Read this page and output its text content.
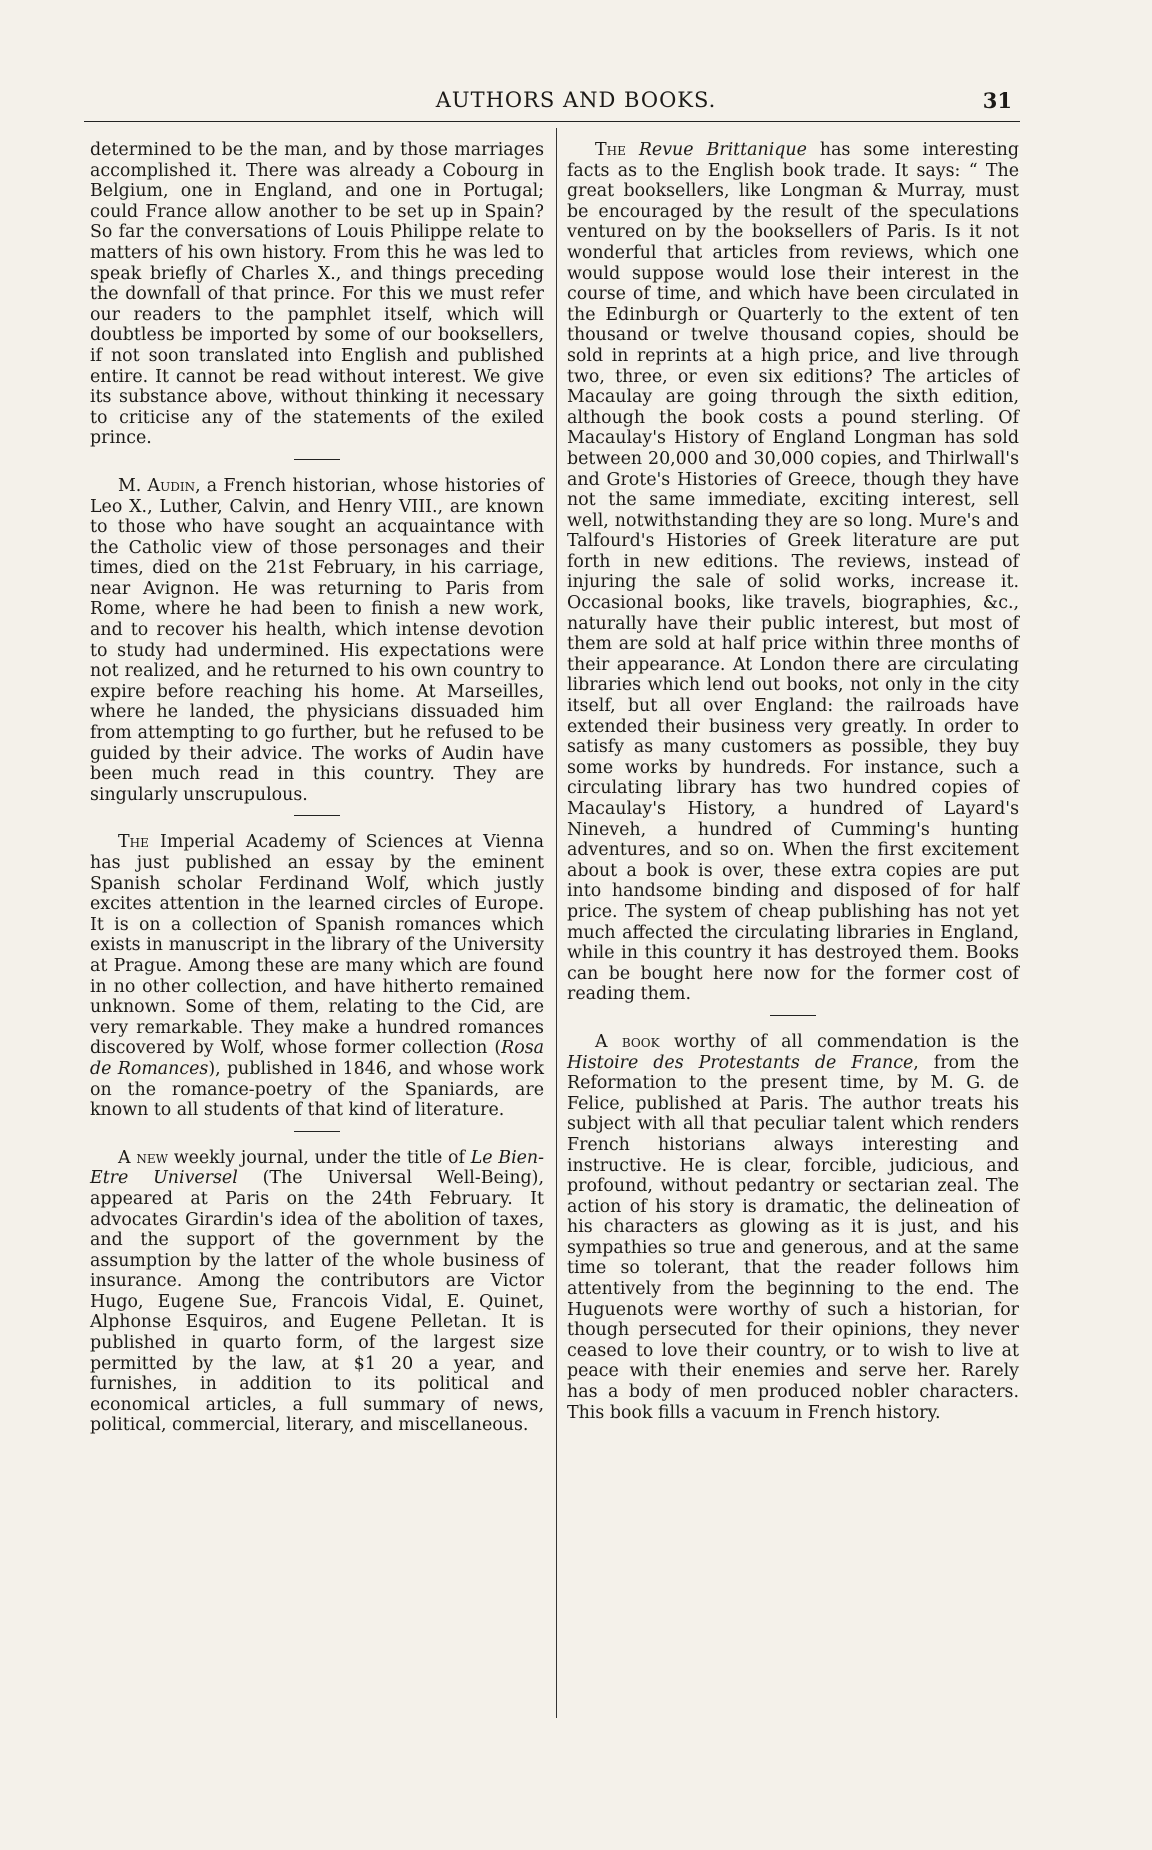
AUTHORS AND BOOKS.	31

determined to be the man, and by those marriages accomplished it. There was already a Cobourg in Belgium, one in England, and one in Portugal; could France allow another to be set up in Spain? So far the conversations of Louis Philippe relate to matters of his own history. From this he was led to speak briefly of Charles X., and things preceding the downfall of that prince. For this we must refer our readers to the pamphlet itself, which will doubtless be imported by some of our booksellers, if not soon translated into English and published entire. It cannot be read without interest. We give its substance above, without thinking it necessary to criticise any of the statements of the exiled prince.

M. Audin, a French historian, whose histories of Leo X., Luther, Calvin, and Henry VIII., are known to those who have sought an acquaintance with the Catholic view of those personages and their times, died on the 21st February, in his carriage, near Avignon. He was returning to Paris from Rome, where he had been to finish a new work, and to recover his health, which intense devotion to study had undermined. His expectations were not realized, and he returned to his own country to expire before reaching his home. At Marseilles, where he landed, the physicians dissuaded him from attempting to go further, but he refused to be guided by their advice. The works of Audin have been much read in this country. They are singularly unscrupulous.

The Imperial Academy of Sciences at Vienna has just published an essay by the eminent Spanish scholar Ferdinand Wolf, which justly excites attention in the learned circles of Europe. It is on a collection of Spanish romances which exists in manuscript in the library of the University at Prague. Among these are many which are found in no other collection, and have hitherto remained unknown. Some of them, relating to the Cid, are very remarkable. They make a hundred romances discovered by Wolf, whose former collection (Rosa de Romances), published in 1846, and whose work on the romance-poetry of the Spaniards, are known to all students of that kind of literature.

A new weekly journal, under the title of Le Bien-Etre Universel (The Universal Well-Being), appeared at Paris on the 24th February. It advocates Girardin's idea of the abolition of taxes, and the support of the government by the assumption by the latter of the whole business of insurance. Among the contributors are Victor Hugo, Eugene Sue, Francois Vidal, E. Quinet, Alphonse Esquiros, and Eugene Pelletan. It is published in quarto form, of the largest size permitted by the law, at $1 20 a year, and furnishes, in addition to its political and economical articles, a full summary of news, political, commercial, literary, and miscellaneous.

The Revue Brittanique has some interesting facts as to the English book trade. It says: “ The great booksellers, like Longman & Murray, must be encouraged by the result of the speculations ventured on by the booksellers of Paris. Is it not wonderful that articles from reviews, which one would suppose would lose their interest in the course of time, and which have been circulated in the Edinburgh or Quarterly to the extent of ten thousand or twelve thousand copies, should be sold in reprints at a high price, and live through two, three, or even six editions? The articles of Macaulay are going through the sixth edition, although the book costs a pound sterling. Of Macaulay's History of England Longman has sold between 20,000 and 30,000 copies, and Thirlwall's and Grote's Histories of Greece, though they have not the same immediate, exciting interest, sell well, notwithstanding they are so long. Mure's and Talfourd's Histories of Greek literature are put forth in new editions. The reviews, instead of injuring the sale of solid works, increase it. Occasional books, like travels, biographies, &c., naturally have their public interest, but most of them are sold at half price within three months of their appearance. At London there are circulating libraries which lend out books, not only in the city itself, but all over England: the railroads have extended their business very greatly. In order to satisfy as many customers as possible, they buy some works by hundreds. For instance, such a circulating library has two hundred copies of Macaulay's History, a hundred of Layard's Nineveh, a hundred of Cumming's hunting adventures, and so on. When the first excitement about a book is over, these extra copies are put into handsome binding and disposed of for half price. The system of cheap publishing has not yet much affected the circulating libraries in England, while in this country it has destroyed them. Books can be bought here now for the former cost of reading them.

A book worthy of all commendation is the Histoire des Protestants de France, from the Reformation to the present time, by M. G. de Felice, published at Paris. The author treats his subject with all that peculiar talent which renders French historians always interesting and instructive. He is clear, forcible, judicious, and profound, without pedantry or sectarian zeal. The action of his story is dramatic, the delineation of his characters as glowing as it is just, and his sympathies so true and generous, and at the same time so tolerant, that the reader follows him attentively from the beginning to the end. The Huguenots were worthy of such a historian, for though persecuted for their opinions, they never ceased to love their country, or to wish to live at peace with their enemies and serve her. Rarely has a body of men produced nobler characters. This book fills a vacuum in French history.
